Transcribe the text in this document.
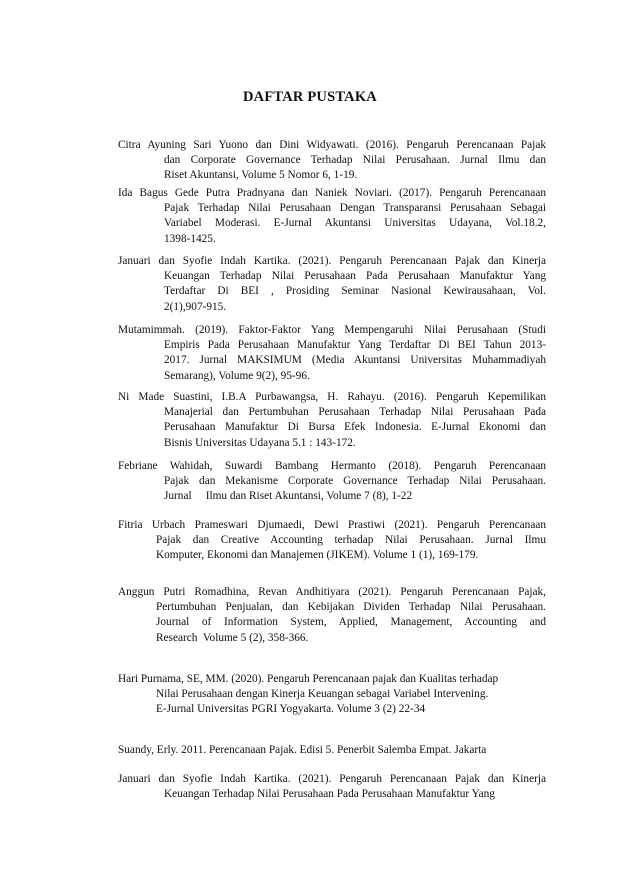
DAFTAR PUSTAKA
Citra Ayuning Sari Yuono dan Dini Widyawati. (2016). Pengaruh Perencanaan Pajak
dan Corporate Governance Terhadap Nilai Perusahaan. Jurnal Ilmu dan
Riset Akuntansi, Volume 5 Nomor 6, 1-19.
Ida Bagus Gede Putra Pradnyana dan Naniek Noviari. (2017). Pengaruh Perencanaan
Pajak Terhadap Nilai Perusahaan Dengan Transparansi Perusahaan Sebagai
Variabel Moderasi. E-Jurnal Akuntansi Universitas Udayana, Vol.18.2,
1398-1425.
Januari dan Syofie Indah Kartika. (2021). Pengaruh Perencanaan Pajak dan Kinerja
Keuangan Terhadap Nilai Perusahaan Pada Perusahaan Manufaktur Yang
Terdaftar Di BEI , Prosiding Seminar Nasional Kewirausahaan, Vol.
2(1),907-915.
Mutamimmah. (2019). Faktor-Faktor Yang Mempengaruhi Nilai Perusahaan (Studi
Empiris Pada Perusahaan Manufaktur Yang Terdaftar Di BEI Tahun 2013-
2017. Jurnal MAKSIMUM (Media Akuntansi Universitas Muhammadiyah
Semarang), Volume 9(2), 95-96.
Ni Made Suastini, I.B.A Purbawangsa, H. Rahayu. (2016). Pengaruh Kepemilikan
Manajerial dan Pertumbuhan Perusahaan Terhadap Nilai Perusahaan Pada
Perusahaan Manufaktur Di Bursa Efek Indonesia. E-Jurnal Ekonomi dan
Bisnis Universitas Udayana 5.1 : 143-172.
Febriane Wahidah, Suwardi Bambang Hermanto (2018). Pengaruh Perencanaan
Pajak dan Mekanisme Corporate Governance Terhadap Nilai Perusahaan.
Jurnal     Ilmu dan Riset Akuntansi, Volume 7 (8), 1-22
Fitria Urbach Prameswari Djumaedi, Dewi Prastiwi (2021). Pengaruh Perencanaan
Pajak dan Creative Accounting terhadap Nilai Perusahaan. Jurnal Ilmu
Komputer, Ekonomi dan Manajemen (JIKEM). Volume 1 (1), 169-179.
Anggun Putri Romadhina, Revan Andhitiyara (2021). Pengaruh Perencanaan Pajak,
Pertumbuhan Penjualan, dan Kebijakan Dividen Terhadap Nilai Perusahaan.
Journal of Information System, Applied, Management, Accounting and
Research  Volume 5 (2), 358-366.
Hari Purnama, SE, MM. (2020). Pengaruh Perencanaan pajak dan Kualitas terhadap
Nilai Perusahaan dengan Kinerja Keuangan sebagai Variabel Intervening.
E-Jurnal Universitas PGRI Yogyakarta. Volume 3 (2) 22-34
Suandy, Erly. 2011. Perencanaan Pajak. Edisi 5. Penerbit Salemba Empat. Jakarta
Januari dan Syofie Indah Kartika. (2021). Pengaruh Perencanaan Pajak dan Kinerja
Keuangan Terhadap Nilai Perusahaan Pada Perusahaan Manufaktur Yang
